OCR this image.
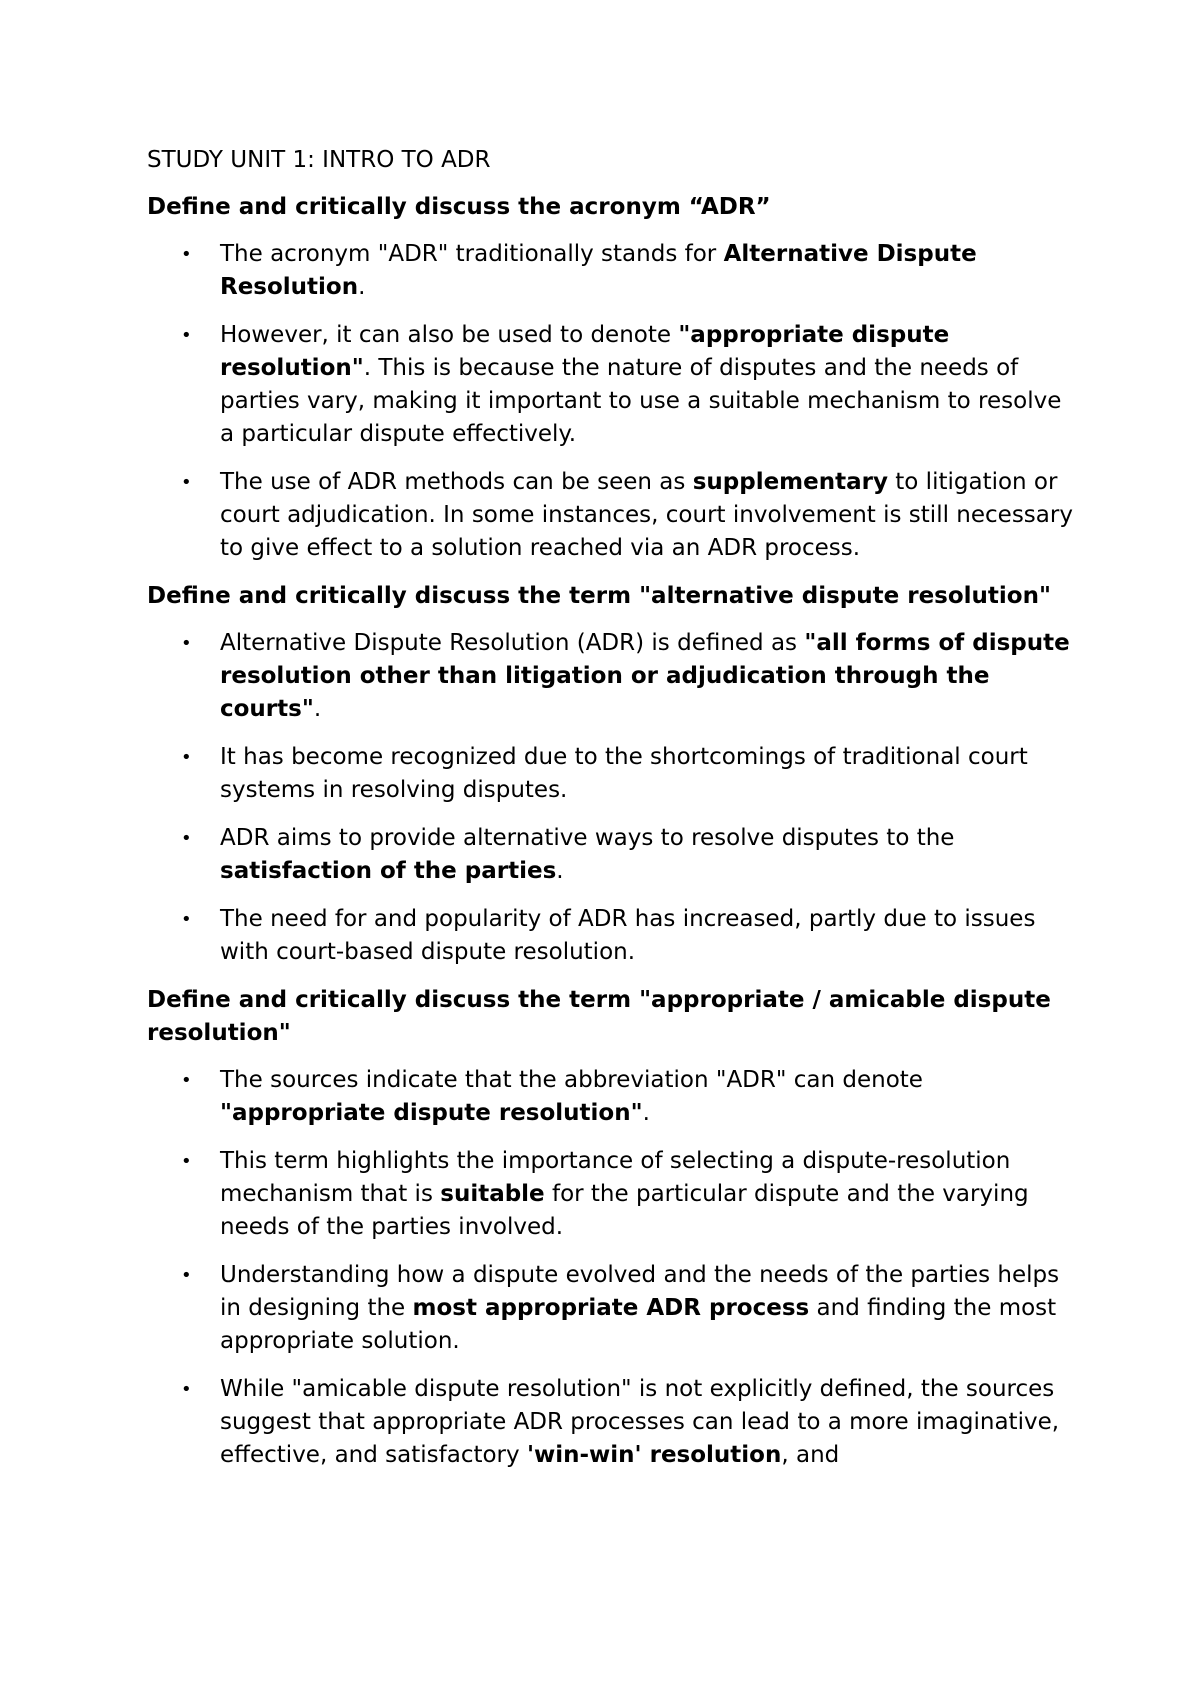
STUDY UNIT 1: INTRO TO ADR
Define and critically discuss the acronym “ADR”
• The acronym "ADR" traditionally stands for Alternative Dispute Resolution.
• However, it can also be used to denote "appropriate dispute resolution". This is because the nature of disputes and the needs of parties vary, making it important to use a suitable mechanism to resolve a particular dispute effectively.
• The use of ADR methods can be seen as supplementary to litigation or court adjudication. In some instances, court involvement is still necessary to give effect to a solution reached via an ADR process.
Define and critically discuss the term "alternative dispute resolution"
• Alternative Dispute Resolution (ADR) is defined as "all forms of dispute resolution other than litigation or adjudication through the courts".
• It has become recognized due to the shortcomings of traditional court systems in resolving disputes.
• ADR aims to provide alternative ways to resolve disputes to the satisfaction of the parties.
• The need for and popularity of ADR has increased, partly due to issues with court-based dispute resolution.
Define and critically discuss the term "appropriate / amicable dispute resolution"
• The sources indicate that the abbreviation "ADR" can denote "appropriate dispute resolution".
• This term highlights the importance of selecting a dispute-resolution mechanism that is suitable for the particular dispute and the varying needs of the parties involved.
• Understanding how a dispute evolved and the needs of the parties helps in designing the most appropriate ADR process and finding the most appropriate solution.
• While "amicable dispute resolution" is not explicitly defined, the sources suggest that appropriate ADR processes can lead to a more imaginative, effective, and satisfactory 'win-win' resolution, and
